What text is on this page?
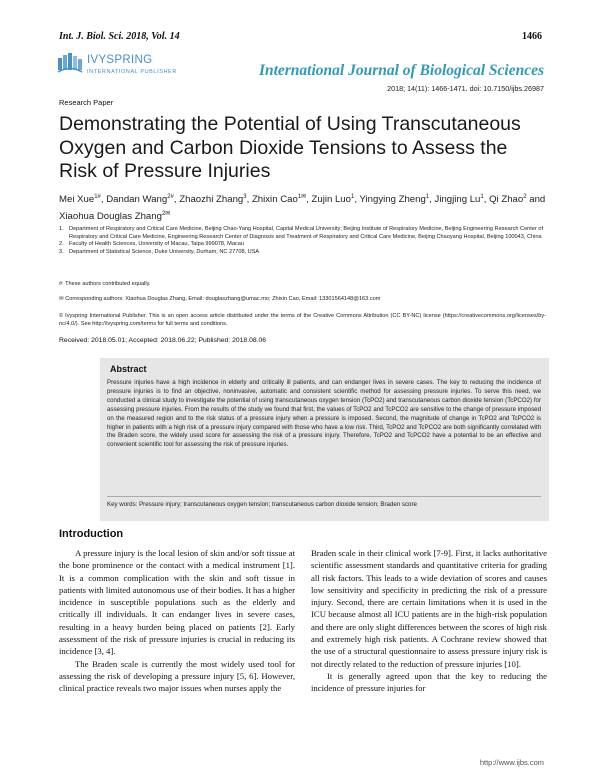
Int. J. Biol. Sci. 2018, Vol. 14	1466
IVYSPRING
INTERNATIONAL PUBLISHER	International Journal of Biological Sciences
2018; 14(11): 1466-1471. doi: 10.7150/ijbs.26987
Research Paper
Demonstrating the Potential of Using Transcutaneous Oxygen and Carbon Dioxide Tensions to Assess the Risk of Pressure Injuries
Mei Xue$^{1\#}$, Dandan Wang$^{2\#}$, Zhaozhi Zhang$^3$, Zhixin Cao$^{1✉}$, Zujin Luo$^1$, Yingying Zheng$^1$, Jingjing Lu$^1$, Qi Zhao$^2$ and Xiaohua Douglas Zhang$^{2✉}$
1. Department of Respiratory and Critical Care Medicine, Beijing Chao-Yang Hospital, Capital Medical University; Beijing Institute of Respiratory Medicine, Beijing Engineering Research Center of Respiratory and Critical Care Medicine, Engineering Research Center of Diagnosis and Treatment of Respiratory and Critical Care Medicine, Beijing Chaoyang Hospital, Beijing 100043, China
2. Faculty of Health Sciences, University of Macau, Taipa 999078, Macau
3. Department of Statistical Science, Duke University, Durham, NC 27708, USA
#: These authors contributed equally.
✉ Corresponding authors: Xiaohua Douglas Zhang, Email: douglaszhang@umac.mo; Zhixin Cao, Email: 13301564148@163.com
© Ivyspring International Publisher. This is an open access article distributed under the terms of the Creative Commons Attribution (CC BY-NC) license (https://creativecommons.org/licenses/by-nc/4.0/). See http://ivyspring.com/terms for full terms and conditions.
Received: 2018.05.01; Accepted: 2018.06.22; Published: 2018.08.06
Abstract
Pressure injuries have a high incidence in elderly and critically ill patients, and can endanger lives in severe cases. The key to reducing the incidence of pressure injuries is to find an objective, noninvasive, automatic and consistent scientific method for assessing pressure injuries. To serve this need, we conducted a clinical study to investigate the potential of using transcutaneous oxygen tension (TcPO2) and transcutaneous carbon dioxide tension (TcPCO2) for assessing pressure injuries. From the results of the study we found that first, the values of TcPO2 and TcPCO2 are sensitive to the change of pressure imposed on the measured region and to the risk status of a pressure injury when a pressure is imposed. Second, the magnitude of change in TcPO2 and TcPCO2 is higher in patients with a high risk of a pressure injury compared with those who have a low risk. Third, TcPO2 and TcPCO2 are both significantly correlated with the Braden score, the widely used score for assessing the risk of a pressure injury. Therefore, TcPO2 and TcPCO2 have a potential to be an effective and convenient scientific tool for assessing the risk of pressure injuries.
Key words: Pressure injury; transcutaneous oxygen tension; transcutaneous carbon dioxide tension; Braden score
Introduction

A pressure injury is the local lesion of skin and/or soft tissue at the bone prominence or the contact with a medical instrument [1]. It is a common complication with the skin and soft tissue in patients with limited autonomous use of their bodies. It has a higher incidence in susceptible populations such as the elderly and critically ill individuals. It can endanger lives in severe cases, resulting in a heavy burden being placed on patients [2]. Early assessment of the risk of pressure injuries is crucial in reducing its incidence [3, 4].

The Braden scale is currently the most widely used tool for assessing the risk of developing a pressure injury [5, 6]. However, clinical practice reveals two major issues when nurses apply the

Braden scale in their clinical work [7-9]. First, it lacks authoritative scientific assessment standards and quantitative criteria for grading all risk factors. This leads to a wide deviation of scores and causes low sensitivity and specificity in predicting the risk of a pressure injury. Second, there are certain limitations when it is used in the ICU because almost all ICU patients are in the high-risk population and there are only slight differences between the scores of high risk and extremely high risk patients. A Cochrane review showed that the use of a structural questionnaire to assess pressure injury risk is not directly related to the reduction of pressure injuries [10].

It is generally agreed upon that the key to reducing the incidence of pressure injuries for

http://www.ijbs.com
